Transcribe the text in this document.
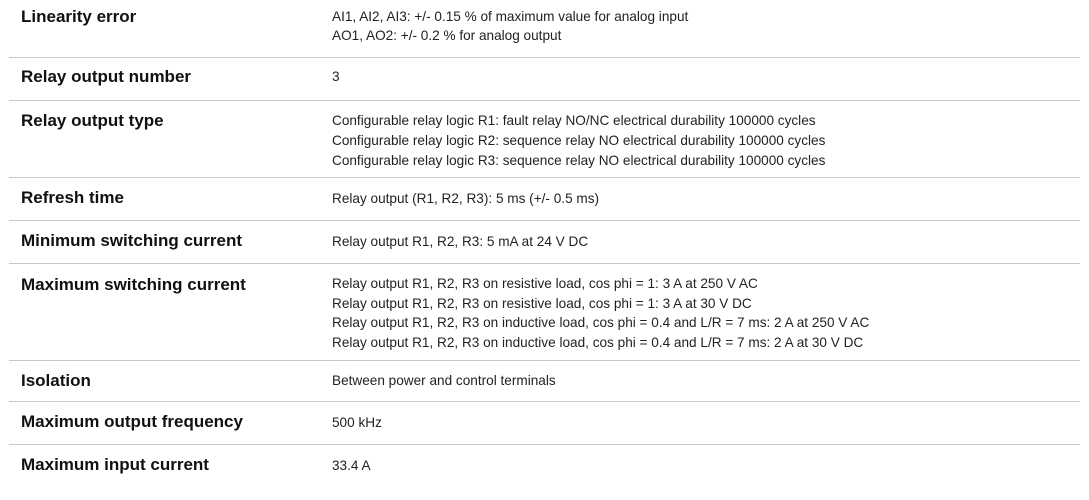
Linearity error	AI1, AI2, AI3: +/- 0.15 % of maximum value for analog input
AO1, AO2: +/- 0.2 % for analog output
Relay output number	3
Relay output type	Configurable relay logic R1: fault relay NO/NC electrical durability 100000 cycles
Configurable relay logic R2: sequence relay NO electrical durability 100000 cycles
Configurable relay logic R3: sequence relay NO electrical durability 100000 cycles
Refresh time	Relay output (R1, R2, R3): 5 ms (+/- 0.5 ms)
Minimum switching current	Relay output R1, R2, R3: 5 mA at 24 V DC
Maximum switching current	Relay output R1, R2, R3 on resistive load, cos phi = 1: 3 A at 250 V AC
Relay output R1, R2, R3 on resistive load, cos phi = 1: 3 A at 30 V DC
Relay output R1, R2, R3 on inductive load, cos phi = 0.4 and L/R = 7 ms: 2 A at 250 V AC
Relay output R1, R2, R3 on inductive load, cos phi = 0.4 and L/R = 7 ms: 2 A at 30 V DC
Isolation	Between power and control terminals
Maximum output frequency	500 kHz
Maximum input current	33.4 A
